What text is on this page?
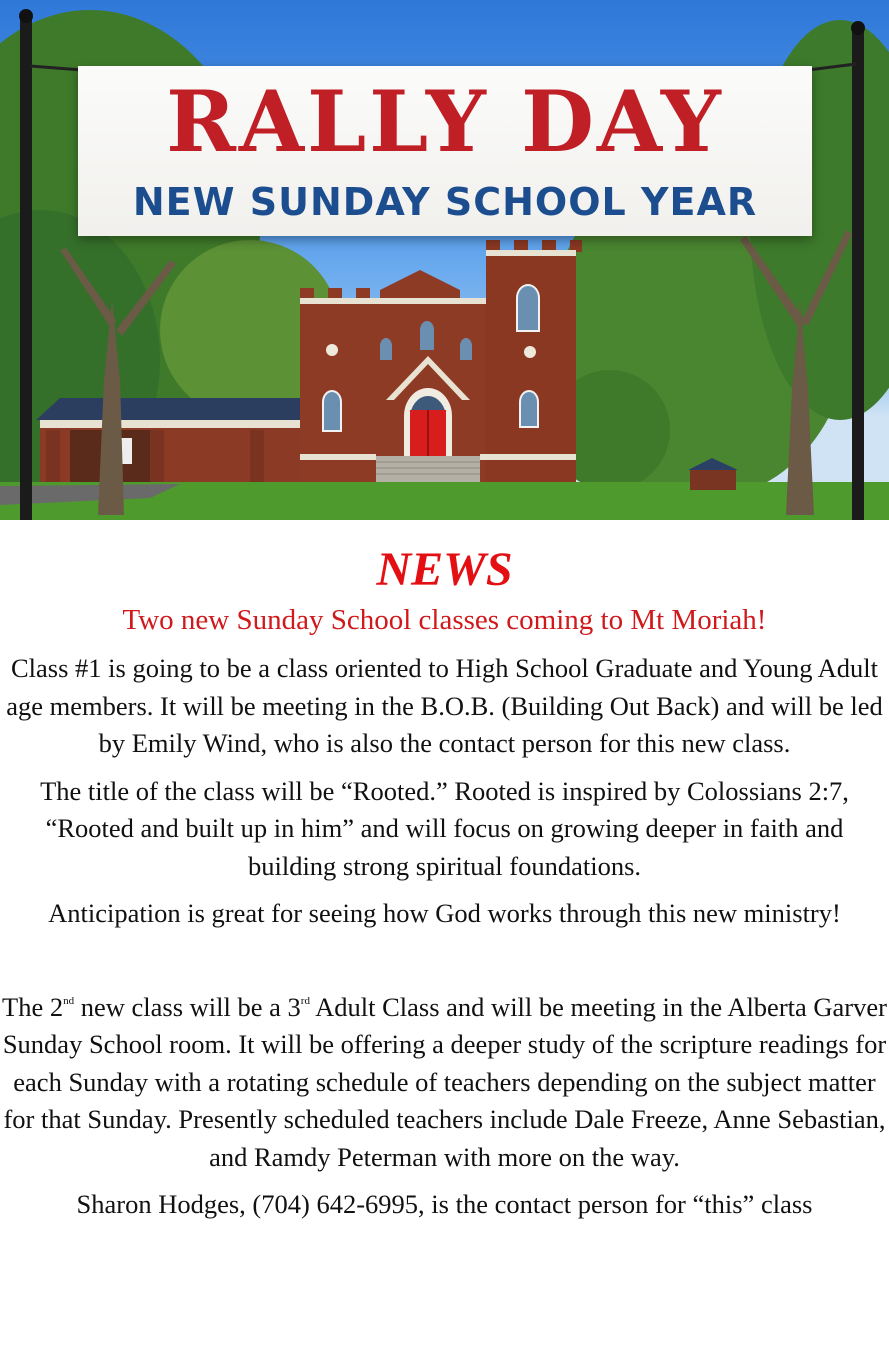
RALLY DAY
NEW SUNDAY SCHOOL YEAR
NEWS
Two new Sunday School classes coming to Mt Moriah!

Class #1 is going to be a class oriented to High School Graduate and Young Adult age members. It will be meeting in the B.O.B. (Building Out Back) and will be led by Emily Wind, who is also the contact person for this new class.

The title of the class will be “Rooted.” Rooted is inspired by Colossians 2:7, “Rooted and built up in him” and will focus on growing deeper in faith and building strong spiritual foundations.

Anticipation is great for seeing how God works through this new ministry!

The 2nd new class will be a 3rd Adult Class and will be meeting in the Alberta Garver Sunday School room. It will be offering a deeper study of the scripture readings for each Sunday with a rotating schedule of teachers depending on the subject matter for that Sunday. Presently scheduled teachers include Dale Freeze, Anne Sebastian, and Ramdy Peterman with more on the way.

Sharon Hodges, (704) 642-6995, is the contact person for “this” class
